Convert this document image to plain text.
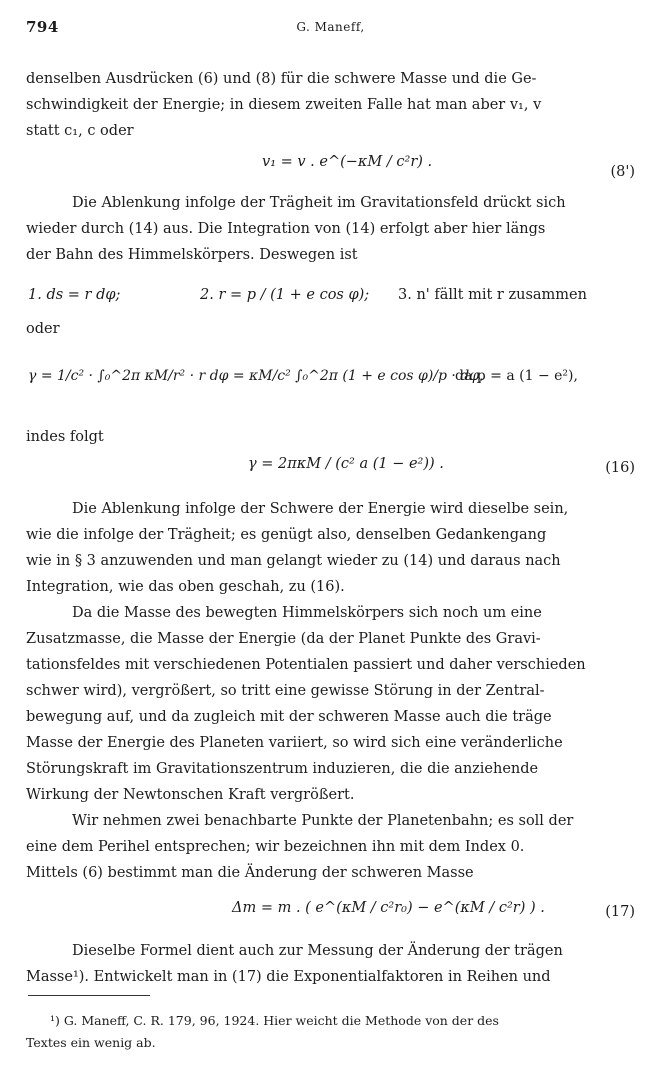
794	G. Maneff,
denselben Ausdrücken (6) und (8) für die schwere Masse und die Ge-
schwindigkeit der Energie; in diesem zweiten Falle hat man aber v₁, v
statt c₁, c oder
v₁ = v . e^(−κM / c²r) .
(8')
Die Ablenkung infolge der Trägheit im Gravitationsfeld drückt sich
wieder durch (14) aus. Die Integration von (14) erfolgt aber hier längs
der Bahn des Himmelskörpers. Deswegen ist
1. ds = r dφ;	2. r = p / (1 + e cos φ); 3. n' fällt mit r zusammen
oder
γ = 1/c² · ∫₀^2π κM/r² · r dφ = κM/c² ∫₀^2π (1 + e cos φ)/p · dφ,
da p = a (1 − e²),
indes folgt
γ = 2πκM / (c² a (1 − e²)) .	(16)
Die Ablenkung infolge der Schwere der Energie wird dieselbe sein,
wie die infolge der Trägheit; es genügt also, denselben Gedankengang
wie in § 3 anzuwenden und man gelangt wieder zu (14) und daraus nach
Integration, wie das oben geschah, zu (16).
Da die Masse des bewegten Himmelskörpers sich noch um eine
Zusatzmasse, die Masse der Energie (da der Planet Punkte des Gravi-
tationsfeldes mit verschiedenen Potentialen passiert und daher verschieden
schwer wird), vergrößert, so tritt eine gewisse Störung in der Zentral-
bewegung auf, und da zugleich mit der schweren Masse auch die träge
Masse der Energie des Planeten variiert, so wird sich eine veränderliche
Störungskraft im Gravitationszentrum induzieren, die die anziehende
Wirkung der Newtonschen Kraft vergrößert.
Wir nehmen zwei benachbarte Punkte der Planetenbahn; es soll der
eine dem Perihel entsprechen; wir bezeichnen ihn mit dem Index 0.
Mittels (6) bestimmt man die Änderung der schweren Masse
Δm = m . ( e^(κM / c²r₀) − e^(κM / c²r) ) .	(17)
Dieselbe Formel dient auch zur Messung der Änderung der trägen
Masse¹). Entwickelt man in (17) die Exponentialfaktoren in Reihen und
¹) G. Maneff, C. R. 179, 96, 1924. Hier weicht die Methode von der des
Textes ein wenig ab.
